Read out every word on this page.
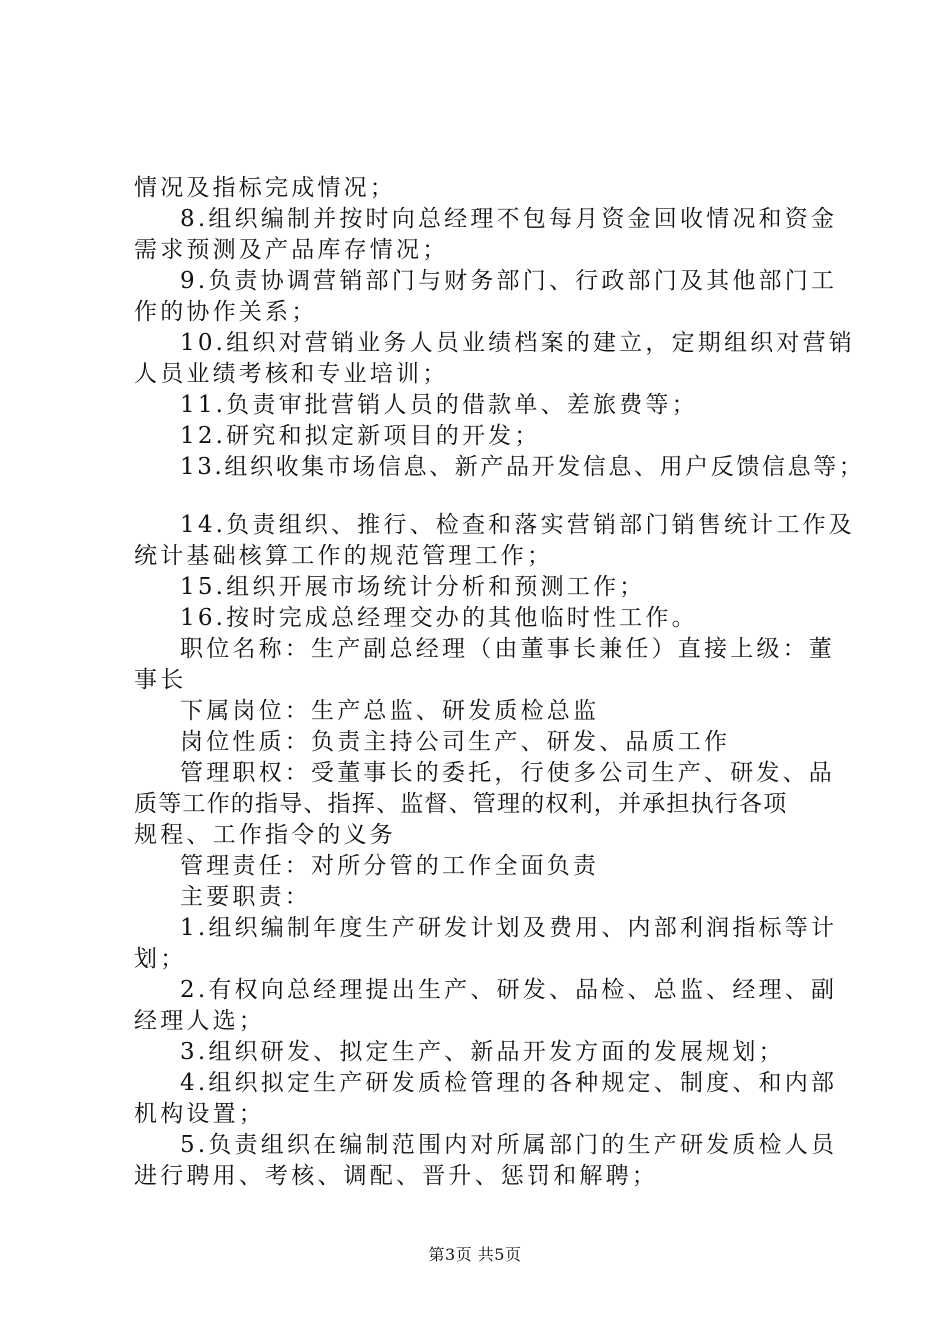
情况及指标完成情况；
8.组织编制并按时向总经理不包每月资金回收情况和资金
需求预测及产品库存情况；
9.负责协调营销部门与财务部门、行政部门及其他部门工
作的协作关系；
10.组织对营销业务人员业绩档案的建立，定期组织对营销
人员业绩考核和专业培训；
11.负责审批营销人员的借款单、差旅费等；
12.研究和拟定新项目的开发；
13.组织收集市场信息、新产品开发信息、用户反馈信息等；
14.负责组织、推行、检查和落实营销部门销售统计工作及
统计基础核算工作的规范管理工作；
15.组织开展市场统计分析和预测工作；
16.按时完成总经理交办的其他临时性工作。
职位名称：生产副总经理（由董事长兼任）直接上级：董
事长
下属岗位：生产总监、研发质检总监
岗位性质：负责主持公司生产、研发、品质工作
管理职权：受董事长的委托，行使多公司生产、研发、品
质等工作的指导、指挥、监督、管理的权利，并承担执行各项
规程、工作指令的义务
管理责任：对所分管的工作全面负责
主要职责：
1.组织编制年度生产研发计划及费用、内部利润指标等计
划；
2.有权向总经理提出生产、研发、品检、总监、经理、副
经理人选；
3.组织研发、拟定生产、新品开发方面的发展规划；
4.组织拟定生产研发质检管理的各种规定、制度、和内部
机构设置；
5.负责组织在编制范围内对所属部门的生产研发质检人员
进行聘用、考核、调配、晋升、惩罚和解聘；
第3页 共5页
